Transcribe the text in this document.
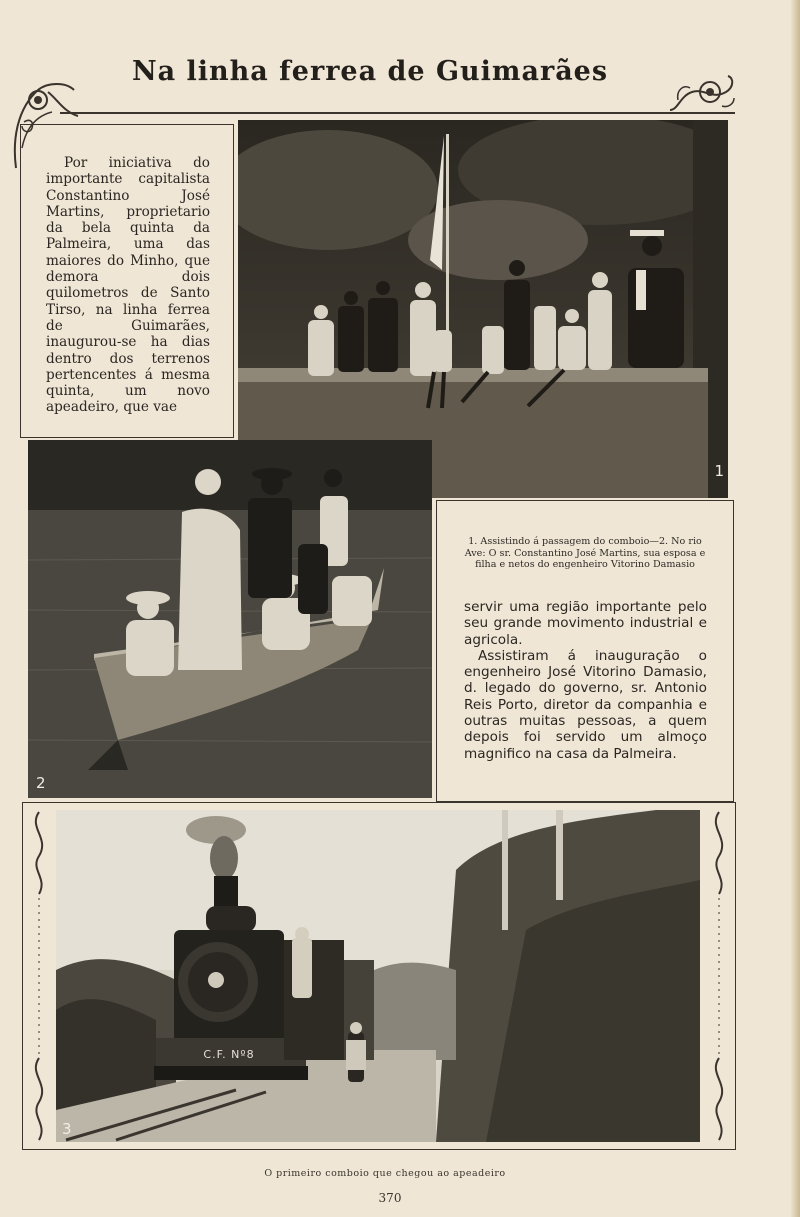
Na linha ferrea de Guimarães

Por iniciativa do importante capitalista Constantino José Martins, proprietario da bela quinta da Palmeira, uma das maiores do Minho, que demora dois quilometros de Santo Tirso, na linha ferrea de Guimarães, inaugurou-se ha dias dentro dos terrenos pertencentes á mesma quinta, um novo apeadeiro, que vae

1
2
1. Assistindo á passagem do comboio—2. No rio Ave: O sr. Constantino José Martins, sua esposa e filha e netos do engenheiro Vitorino Damasio

servir uma região importante pelo seu grande movimento industrial e agricola.

Assistiram á inauguração o engenheiro José Vitorino Damasio, d. legado do governo, sr. Antonio Reis Porto, diretor da companhia e outras muitas pessoas, a quem depois foi servido um almoço magnifico na casa da Palmeira.

C.F. Nº8
3
O primeiro comboio que chegou ao apeadeiro
370
